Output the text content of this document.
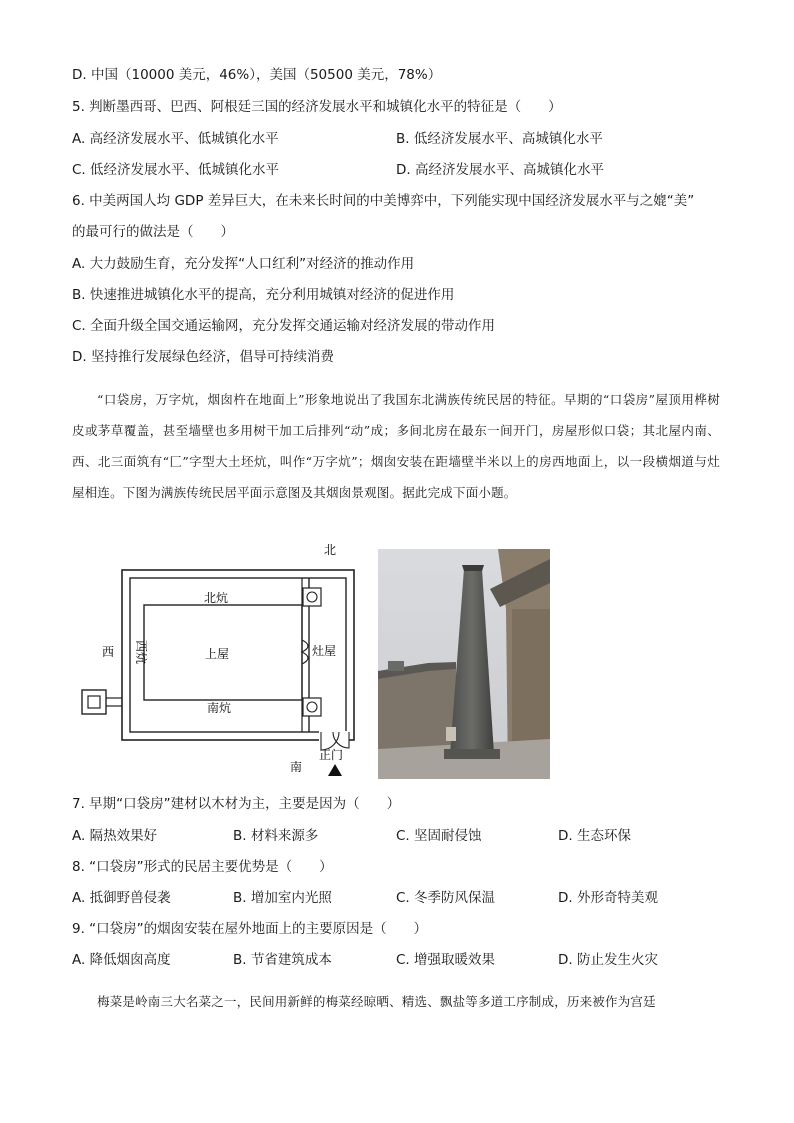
D. 中国（10000 美元，46%），美国（50500 美元，78%）
5. 判断墨西哥、巴西、阿根廷三国的经济发展水平和城镇化水平的特征是（　　）
A. 高经济发展水平、低城镇化水平	B. 低经济发展水平、高城镇化水平
C. 低经济发展水平、低城镇化水平	D. 高经济发展水平、高城镇化水平
6. 中美两国人均 GDP 差异巨大，在未来长时间的中美博弈中，下列能实现中国经济发展水平与之媲“美”
的最可行的做法是（　　）
A. 大力鼓励生育，充分发挥“人口红利”对经济的推动作用
B. 快速推进城镇化水平的提高，充分利用城镇对经济的促进作用
C. 全面升级全国交通运输网，充分发挥交通运输对经济发展的带动作用
D. 坚持推行发展绿色经济，倡导可持续消费

“口袋房，万字炕，烟囱杵在地面上”形象地说出了我国东北满族传统民居的特征。早期的“口袋房”屋顶用桦树皮或茅草覆盖，甚至墙壁也多用树干加工后排列“动”成；多间北房在最东一间开门，房屋形似口袋；其北屋内南、西、北三面筑有“匚”字型大土坯炕，叫作“万字炕”；烟囱安装在距墙壁半米以上的房西地面上，以一段横烟道与灶屋相连。下图为满族传统民居平面示意图及其烟囱景观图。据此完成下面小题。

北
南
西
北炕
南炕
西炕	上屋	灶屋
正门
7. 早期“口袋房”建材以木材为主，主要是因为（　　）
A. 隔热效果好	B. 材料来源多	C. 坚固耐侵蚀	D. 生态环保
8. “口袋房”形式的民居主要优势是（　　）
A. 抵御野兽侵袭	B. 增加室内光照	C. 冬季防风保温	D. 外形奇特美观
9. “口袋房”的烟囱安装在屋外地面上的主要原因是（　　）
A. 降低烟囱高度	B. 节省建筑成本	C. 增强取暖效果	D. 防止发生火灾

梅菜是岭南三大名菜之一，民间用新鲜的梅菜经晾晒、精选、飘盐等多道工序制成，历来被作为宫廷
